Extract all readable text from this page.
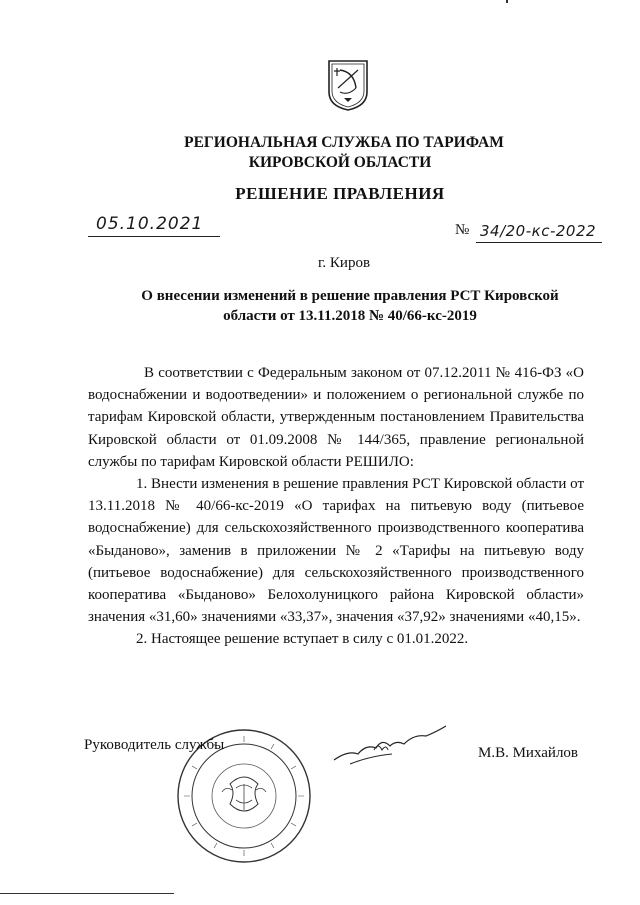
РЕГИОНАЛЬНАЯ СЛУЖБА ПО ТАРИФАМ
КИРОВСКОЙ ОБЛАСТИ
РЕШЕНИЕ ПРАВЛЕНИЯ
05.10.2021	№ 34/20-кс-2022
г. Киров
О внесении изменений в решение правления РСТ Кировской области от 13.11.2018 № 40/66-кс-2019

В соответствии с Федеральным законом от 07.12.2011 № 416-ФЗ «О водоснабжении и водоотведении» и положением о региональной службе по тарифам Кировской области, утвержденным постановлением Правительства Кировской области от 01.09.2008 № 144/365, правление региональной службы по тарифам Кировской области РЕШИЛО:

1. Внести изменения в решение правления РСТ Кировской области от 13.11.2018 № 40/66-кс-2019 «О тарифах на питьевую воду (питьевое водоснабжение) для сельскохозяйственного производственного кооператива «Быданово», заменив в приложении № 2 «Тарифы на питьевую воду (питьевое водоснабжение) для сельскохозяйственного производственного кооператива «Быданово» Белохолуницкого района Кировской области» значения «31,60» значениями «33,37», значения «37,92» значениями «40,15».

2. Настоящее решение вступает в силу с 01.01.2022.

Руководитель службы	М.В. Михайлов
